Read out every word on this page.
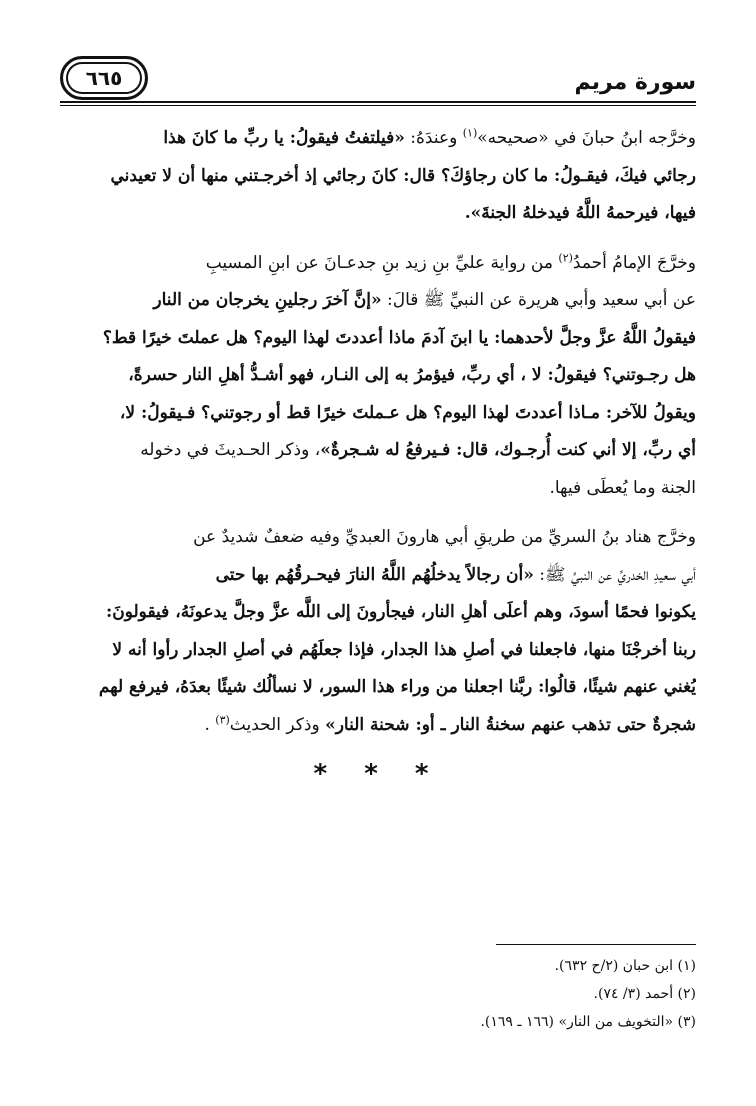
سورة مريم
٦٦٥
وخرَّجه ابنُ حبانَ في «صحيحه»$^{(١)}$ وعندَهُ: «فيلتفتُ فيقولُ: يا ربِّ ما كانَ هذا
رجائي فيكَ، فيقـولُ: ما كان رجاؤكَ؟ قال: كانَ رجائي إذ أخرجـتني منها أن لا تعيدني
فيها، فيرحمهُ اللَّهُ فيدخلهُ الجنةَ».
وخرَّجَ الإمامُ أحمدُ$^{(٢)}$ من رواية عليِّ بنِ زيد بنِ جدعـانَ عن ابنِ المسيبِ
عن أبي سعيد وأبي هريرة عن النبيِّ ﷺ قالَ: «إنَّ آخرَ رجلينِ يخرجان من النار
فيقولُ اللَّهُ عزَّ وجلَّ لأحدهما: يا ابنَ آدمَ ماذا أعددتَ لهذا اليوم؟ هل عملتَ خيرًا قط؟
هل رجـوتني؟ فيقولُ: لا ، أي ربِّ، فيؤمرُ به إلى النـار، فهو أشـدُّ أهلِ النار حسرةً،
ويقولُ للآخر: مـاذا أعددتَ لهذا اليوم؟ هل عـملتَ خيرًا قط أو رجوتني؟ فـيقولُ: لا،
أي ربِّ، إلا أني كنت أُرجـوك، قال: فـيرفعُ له شـجرةٌ»، وذكر الحـديثَ في دخوله
الجنة وما يُعطَى فيها.
وخرَّج هناد بنُ السريِّ من طريقِ أبي هارونَ العبديِّ وفيه ضعفٌ شديدٌ عن
أبي سعيدِ الخدريِّ عن النبيِّ ﷺ: «أن رجالاً يدخلُهُم اللَّهُ النارَ فيحـرقُهُم بها حتى
يكونوا فحمًا أسودَ، وهم أعلَى أهلِ النار، فيجأرونَ إلى اللَّه عزَّ وجلَّ يدعونَهُ، فيقولونَ:
ربنا أخرجْنَا منها، فاجعلنا في أصلِ هذا الجدار، فإذا جعلَهُم في أصلِ الجدار رأوا أنه لا
يُغني عنهم شيئًا، قالُوا: ربَّنا اجعلنا من وراء هذا السور، لا نسألُك شيئًا بعدَهُ، فيرفع لهم
شجرةٌ حتى تذهب عنهم سخنةُ النار ـ أو: شحنة النار» وذكر الحديث$^{(٣)}$ .
* * *
(١) ابن حبان (٢/ح ٦٣٢).
(٢) أحمد (٣/ ٧٤).
(٣) «التخويف من النار» (١٦٦ ـ ١٦٩).
